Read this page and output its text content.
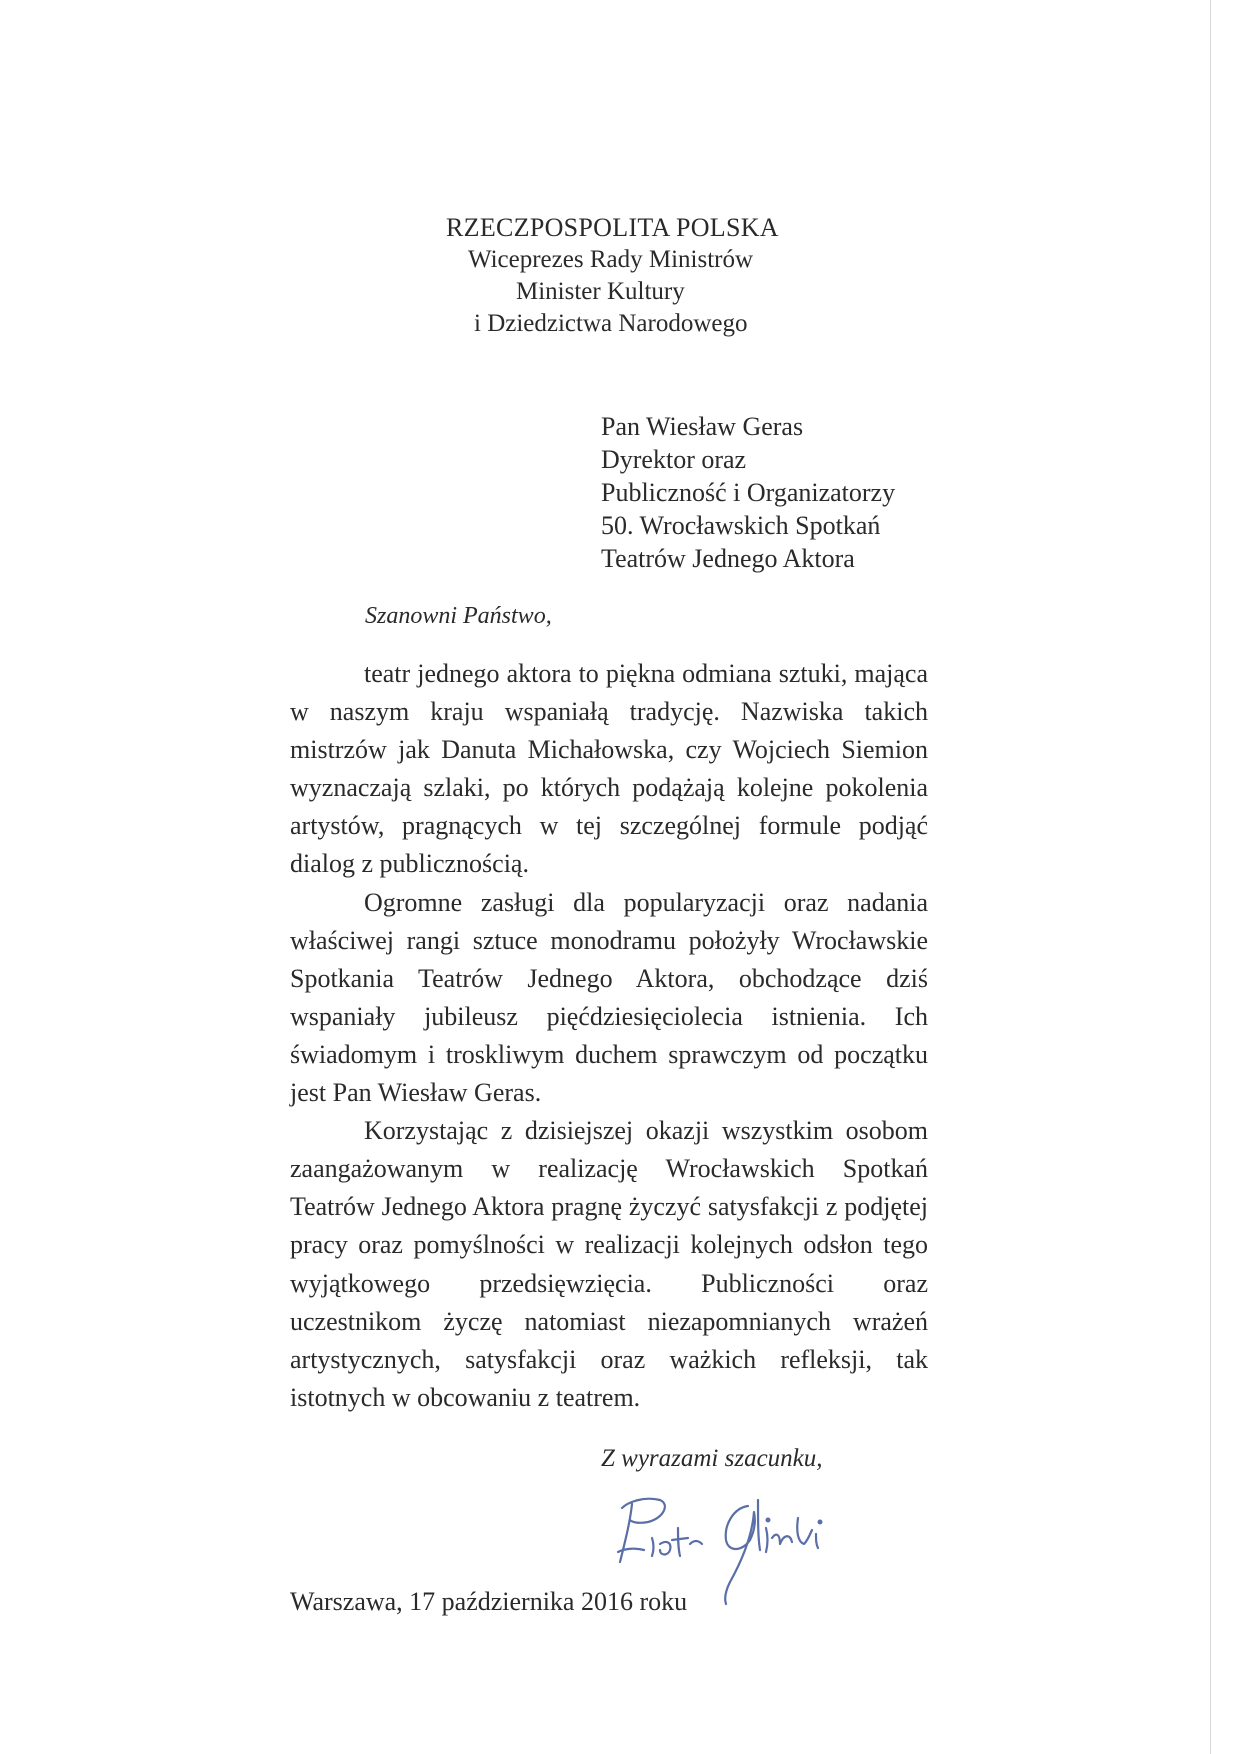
RZECZPOSPOLITA POLSKA
Wiceprezes Rady Ministrów
Minister Kultury
i Dziedzictwa Narodowego
Pan Wiesław Geras
Dyrektor oraz
Publiczność i Organizatorzy
50. Wrocławskich Spotkań
Teatrów Jednego Aktora
Szanowni Państwo,

teatr jednego aktora to piękna odmiana sztuki, mająca w naszym kraju wspaniałą tradycję. Nazwiska takich mistrzów jak Danuta Michałowska, czy Wojciech Siemion wyznaczają szlaki, po których podążają kolejne pokolenia artystów, pragnących w tej szczególnej formule podjąć dialog z publicznością.

Ogromne zasługi dla popularyzacji oraz nadania właściwej rangi sztuce monodramu położyły Wrocławskie Spotkania Teatrów Jednego Aktora, obchodzące dziś wspaniały jubileusz pięćdziesięciolecia istnienia. Ich świadomym i troskliwym duchem sprawczym od początku jest Pan Wiesław Geras.

Korzystając z dzisiejszej okazji wszystkim osobom zaangażowanym w realizację Wrocławskich Spotkań Teatrów Jednego Aktora pragnę życzyć satysfakcji z podjętej pracy oraz pomyślności w realizacji kolejnych odsłon tego wyjątkowego przedsięwzięcia. Publiczności oraz uczestnikom życzę natomiast niezapomnianych wrażeń artystycznych, satysfakcji oraz ważkich refleksji, tak istotnych w obcowaniu z teatrem.

Z wyrazami szacunku,
Warszawa, 17 października 2016 roku
